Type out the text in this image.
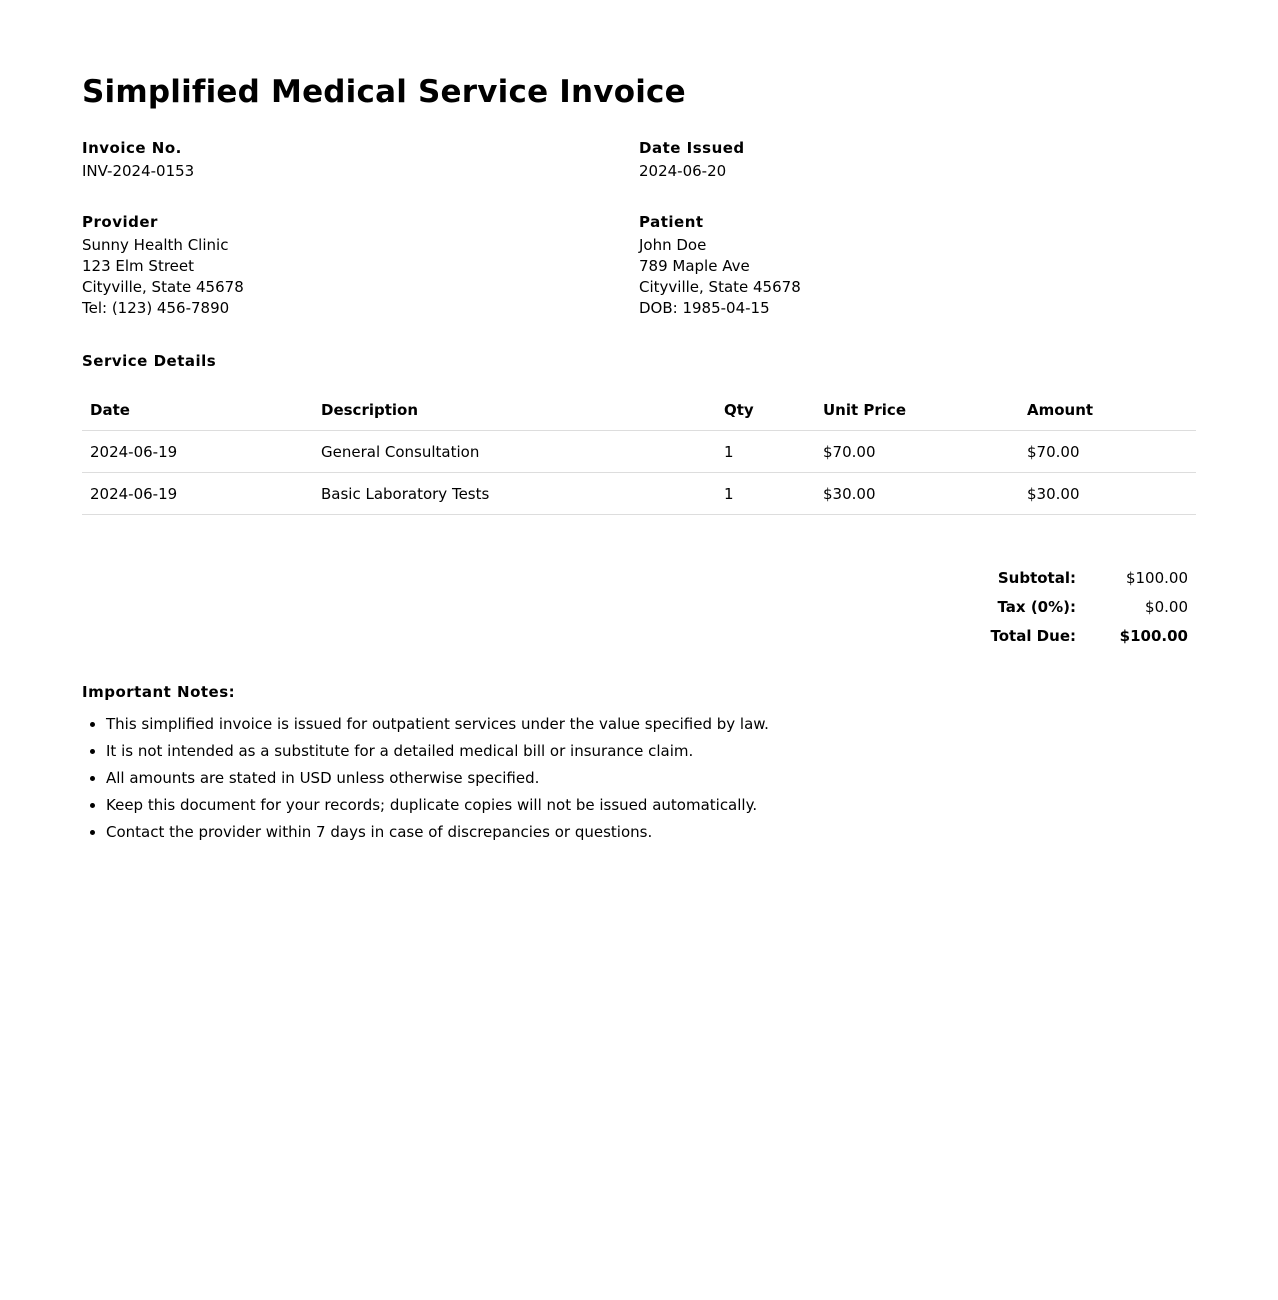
Simplified Medical Service Invoice
Invoice No.
INV-2024-0153
Date Issued
2024-06-20
Provider
Sunny Health Clinic
123 Elm Street
Cityville, State 45678
Tel: (123) 456-7890
Patient
John Doe
789 Maple Ave
Cityville, State 45678
DOB: 1985-04-15
Service Details
Date	Description	Qty	Unit Price	Amount
2024-06-19	General Consultation	1	$70.00	$70.00
2024-06-19	Basic Laboratory Tests	1	$30.00	$30.00
Subtotal:	$100.00
Tax (0%):	$0.00
Total Due:	$100.00
Important Notes:
• This simplified invoice is issued for outpatient services under the value specified by law.
• It is not intended as a substitute for a detailed medical bill or insurance claim.
• All amounts are stated in USD unless otherwise specified.
• Keep this document for your records; duplicate copies will not be issued automatically.
• Contact the provider within 7 days in case of discrepancies or questions.
